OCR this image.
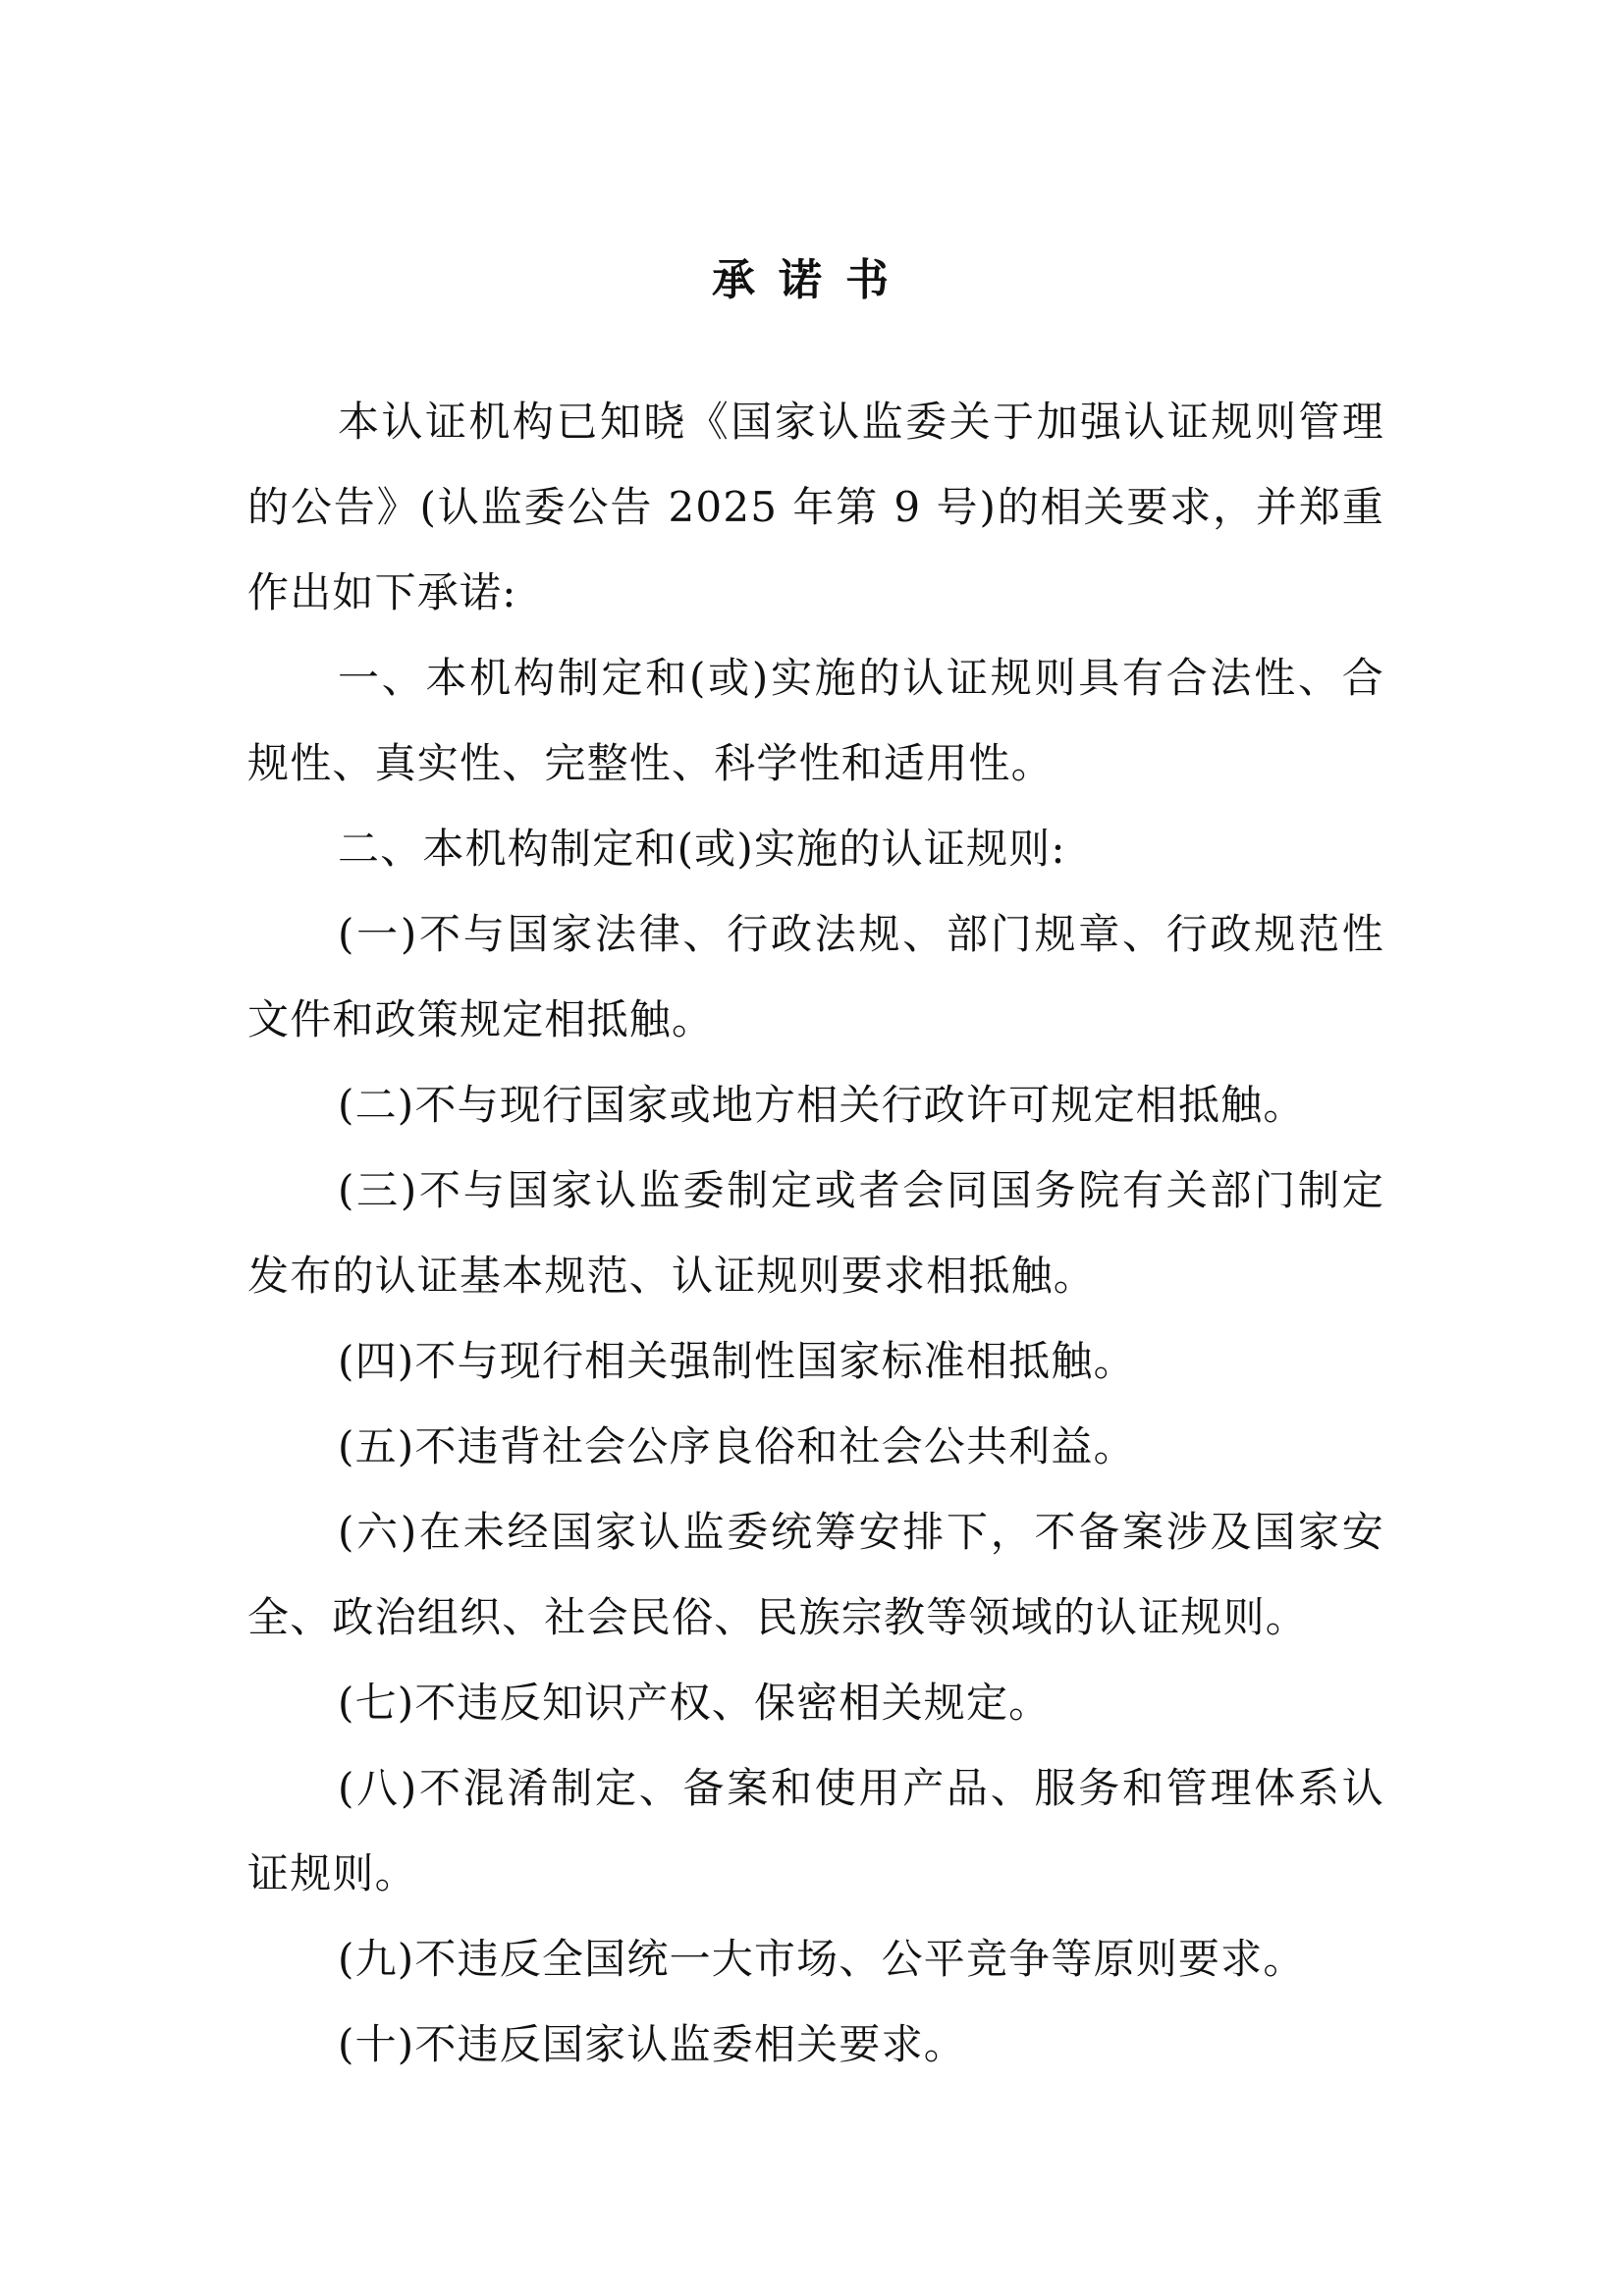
承诺书

本认证机构已知晓《国家认监委关于加强认证规则管理的公告》(认监委公告 2025 年第 9 号)的相关要求，并郑重作出如下承诺:

一、本机构制定和(或)实施的认证规则具有合法性、合规性、真实性、完整性、科学性和适用性。

二、本机构制定和(或)实施的认证规则:

(一)不与国家法律、行政法规、部门规章、行政规范性文件和政策规定相抵触。

(二)不与现行国家或地方相关行政许可规定相抵触。

(三)不与国家认监委制定或者会同国务院有关部门制定发布的认证基本规范、认证规则要求相抵触。

(四)不与现行相关强制性国家标准相抵触。

(五)不违背社会公序良俗和社会公共利益。

(六)在未经国家认监委统筹安排下，不备案涉及国家安全、政治组织、社会民俗、民族宗教等领域的认证规则。

(七)不违反知识产权、保密相关规定。

(八)不混淆制定、备案和使用产品、服务和管理体系认证规则。

(九)不违反全国统一大市场、公平竞争等原则要求。

(十)不违反国家认监委相关要求。
